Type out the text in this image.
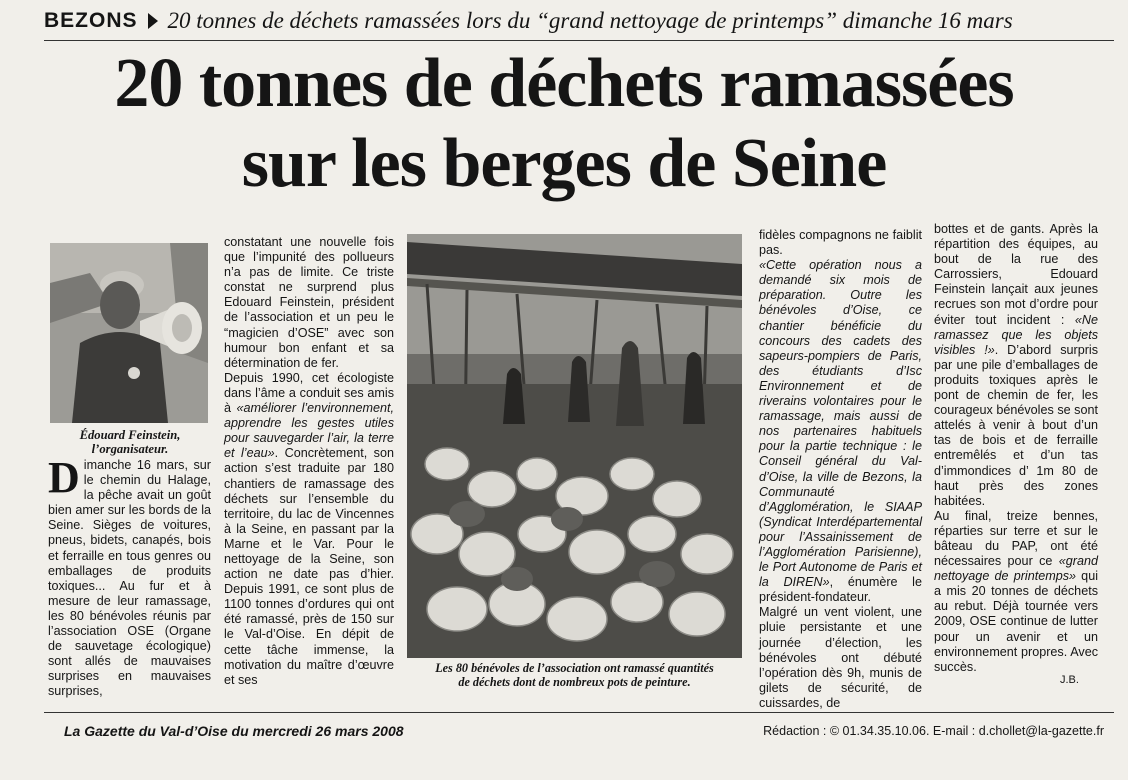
BEZONS 20 tonnes de déchets ramassées lors du “grand nettoyage de printemps” dimanche 16 mars
20 tonnes de déchets ramassées
sur les berges de Seine
Édouard Feinstein,
l’organisateur.

Dimanche 16 mars, sur le chemin du Halage, la pêche avait un goût bien amer sur les bords de la Seine. Sièges de voitures, pneus, bidets, canapés, bois et ferraille en tous genres ou emballages de produits toxiques... Au fur et à mesure de leur ramassage, les 80 bénévoles réunis par l’association OSE (Organe de sauvetage écologique) sont allés de mauvaises surprises en mauvaises surprises,

constatant une nouvelle fois que l’impunité des pollueurs n’a pas de limite. Ce triste constat ne surprend plus Edouard Feinstein, président de l’association et un peu le “magicien d’OSE” avec son humour bon enfant et sa détermination de fer.

Depuis 1990, cet écologiste dans l’âme a conduit ses amis à «améliorer l’environnement, apprendre les gestes utiles pour sauvegarder l’air, la terre et l’eau». Concrètement, son action s’est traduite par 180 chantiers de ramassage des déchets sur l’ensemble du territoire, du lac de Vincennes à la Seine, en passant par la Marne et le Var. Pour le nettoyage de la Seine, son action ne date pas d’hier. Depuis 1991, ce sont plus de 1100 tonnes d’ordures qui ont été ramassé, près de 150 sur le Val-d’Oise. En dépit de cette tâche immense, la motivation du maître d’œuvre et ses

Les 80 bénévoles de l’association ont ramassé quantités
de déchets dont de nombreux pots de peinture.

fidèles compagnons ne faiblit pas.

«Cette opération nous a demandé six mois de préparation. Outre les bénévoles d’Oise, ce chantier bénéficie du concours des cadets des sapeurs-pompiers de Paris, des étudiants d’Isc Environnement et de riverains volontaires pour le ramassage, mais aussi de nos partenaires habituels pour la partie technique : le Conseil général du Val-d’Oise, la ville de Bezons, la Communauté d’Agglomération, le SIAAP (Syndicat Interdépartemental pour l’Assainissement de l’Agglomération Parisienne), le Port Autonome de Paris et la DIREN», énumère le président-fondateur.

Malgré un vent violent, une pluie persistante et une journée d’élection, les bénévoles ont débuté l’opération dès 9h, munis de gilets de sécurité, de cuissardes, de

bottes et de gants. Après la répartition des équipes, au bout de la rue des Carrossiers, Edouard Feinstein lançait aux jeunes recrues son mot d’ordre pour éviter tout incident : «Ne ramassez que les objets visibles !». D’abord surpris par une pile d’emballages de produits toxiques après le pont de chemin de fer, les courageux bénévoles se sont attelés à venir à bout d’un tas de bois et de ferraille entremêlés et d’un tas d’immondices d’ 1m 80 de haut près des zones habitées.

Au final, treize bennes, réparties sur terre et sur le bâteau du PAP, ont été nécessaires pour ce «grand nettoyage de printemps» qui a mis 20 tonnes de déchets au rebut. Déjà tournée vers 2009, OSE continue de lutter pour un avenir et un environnement propres. Avec succès.

J.B.
La Gazette du Val-d’Oise du mercredi 26 mars 2008	Rédaction : © 01.34.35.10.06. E-mail : d.chollet@la-gazette.fr
